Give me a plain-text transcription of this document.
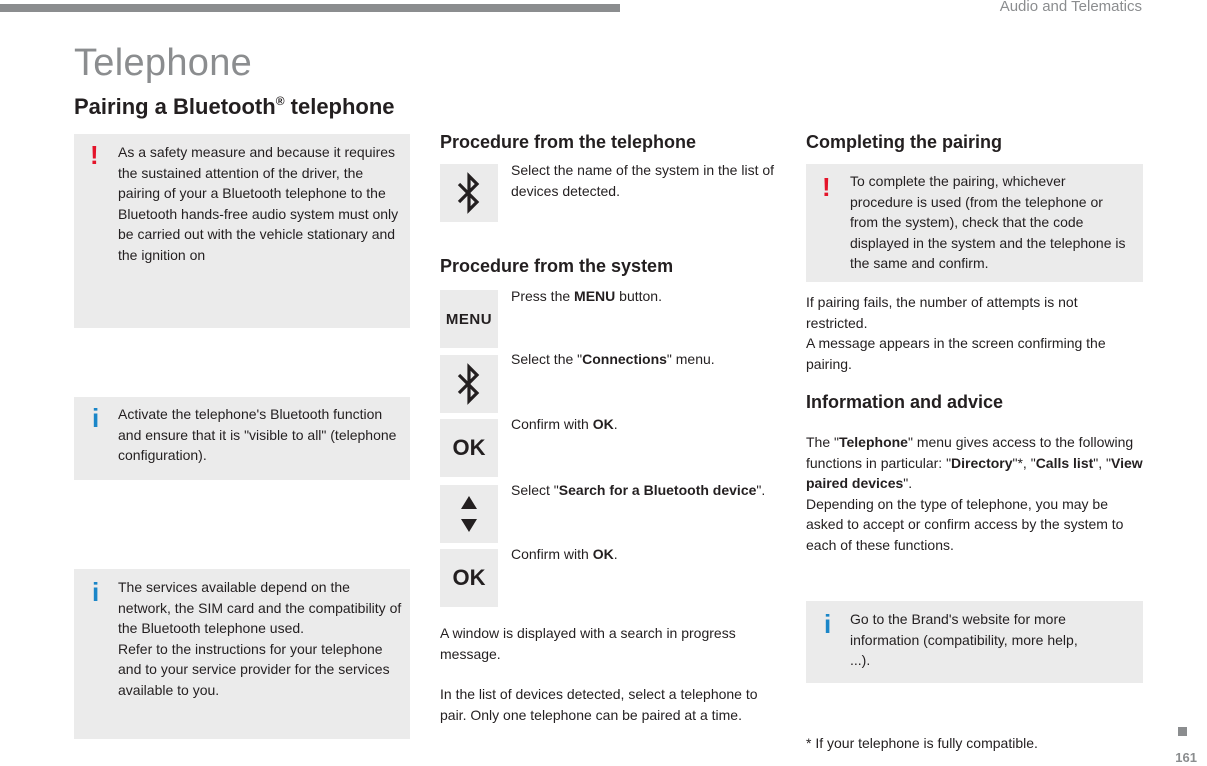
Audio and Telematics
Telephone
Pairing a Bluetooth® telephone
! As a safety measure and because it requires the sustained attention of the driver, the pairing of your a Bluetooth telephone to the Bluetooth hands-free audio system must only be carried out with the vehicle stationary and the ignition on
i Activate the telephone's Bluetooth function and ensure that it is "visible to all" (telephone configuration).
i The services available depend on the network, the SIM card and the compatibility of the Bluetooth telephone used.
Refer to the instructions for your telephone and to your service provider for the services available to you.
Procedure from the telephone
Select the name of the system in the list of devices detected.
Procedure from the system
MENU
Press the MENU button.
Select the "Connections" menu.
OK
Confirm with OK.
Select "Search for a Bluetooth device".
OK
Confirm with OK.
A window is displayed with a search in progress message.
In the list of devices detected, select a telephone to pair. Only one telephone can be paired at a time.
Completing the pairing
! To complete the pairing, whichever procedure is used (from the telephone or from the system), check that the code displayed in the system and the telephone is the same and confirm.
If pairing fails, the number of attempts is not restricted.
A message appears in the screen confirming the pairing.
Information and advice
The "Telephone" menu gives access to the following functions in particular: "Directory"*, "Calls list", "View paired devices".
Depending on the type of telephone, you may be asked to accept or confirm access by the system to each of these functions.
i Go to the Brand's website for more information (compatibility, more help, ...).
* If your telephone is fully compatible.
161
